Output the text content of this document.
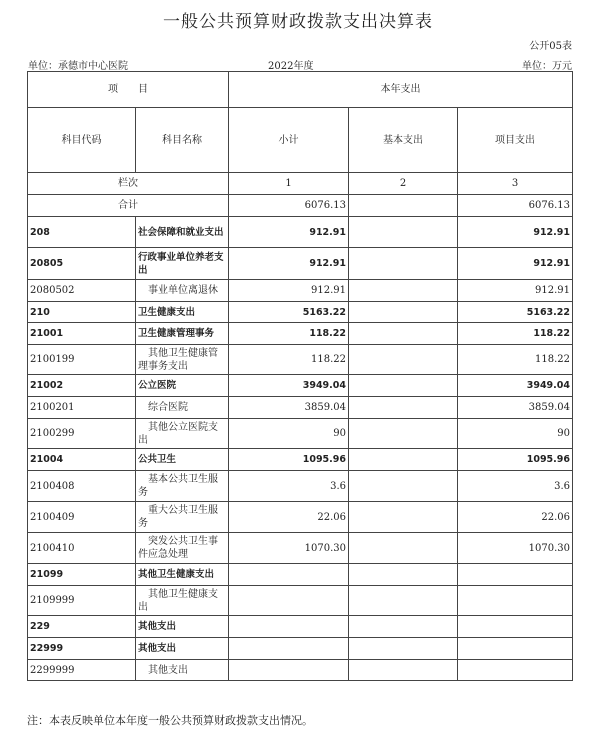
一般公共预算财政拨款支出决算表
公开05表
单位：承德市中心医院	2022年度	单位：万元
项　　目		本年支出		
科目代码	科目名称	小计	基本支出	项目支出
栏次		1	2	3
合计		6076.13		6076.13
208	社会保障和就业支出	912.91		912.91
20805	行政事业单位养老支出	912.91		912.91
2080502	事业单位离退休	912.91		912.91
210	卫生健康支出	5163.22		5163.22
21001	卫生健康管理事务	118.22		118.22
2100199	其他卫生健康管理事务支出	118.22		118.22
21002	公立医院	3949.04		3949.04
2100201	综合医院	3859.04		3859.04
2100299	其他公立医院支出	90		90
21004	公共卫生	1095.96		1095.96
2100408	基本公共卫生服务	3.6		3.6
2100409	重大公共卫生服务	22.06		22.06
2100410	突发公共卫生事件应急处理	1070.30		1070.30
21099	其他卫生健康支出			
2109999	其他卫生健康支出			
229	其他支出			
22999	其他支出			
2299999	其他支出			
注：本表反映单位本年度一般公共预算财政拨款支出情况。
